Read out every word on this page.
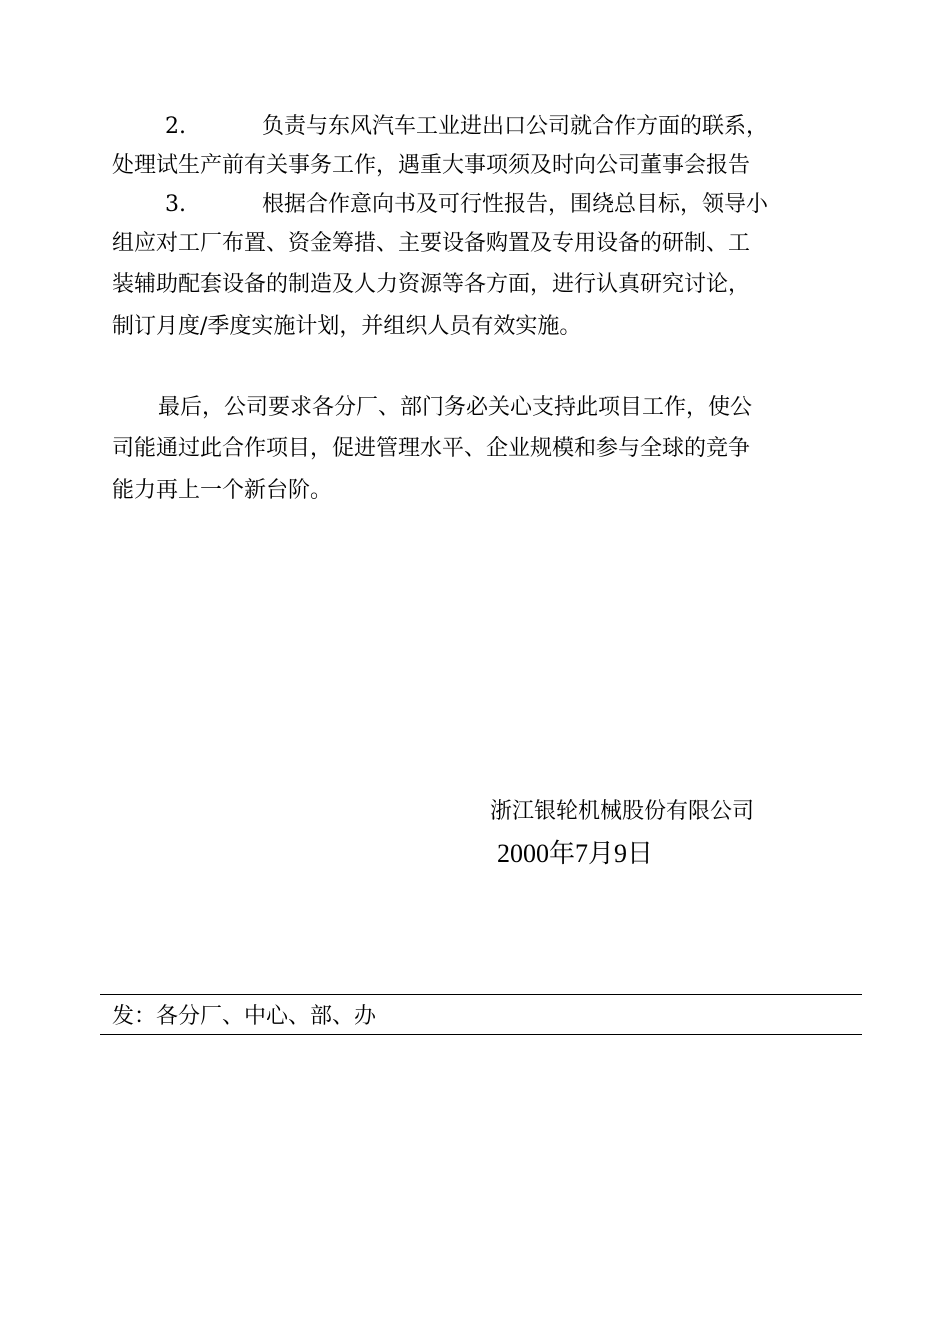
2.	负责与东风汽车工业进出口公司就合作方面的联系，
处理试生产前有关事务工作，遇重大事项须及时向公司董事会报告
3.	根据合作意向书及可行性报告，围绕总目标，领导小
组应对工厂布置、资金筹措、主要设备购置及专用设备的研制、工
装辅助配套设备的制造及人力资源等各方面，进行认真研究讨论，
制订月度/季度实施计划，并组织人员有效实施。
最后，公司要求各分厂、部门务必关心支持此项目工作，使公
司能通过此合作项目，促进管理水平、企业规模和参与全球的竞争
能力再上一个新台阶。
浙江银轮机械股份有限公司
2000年7月9日
发：各分厂、中心、部、办
